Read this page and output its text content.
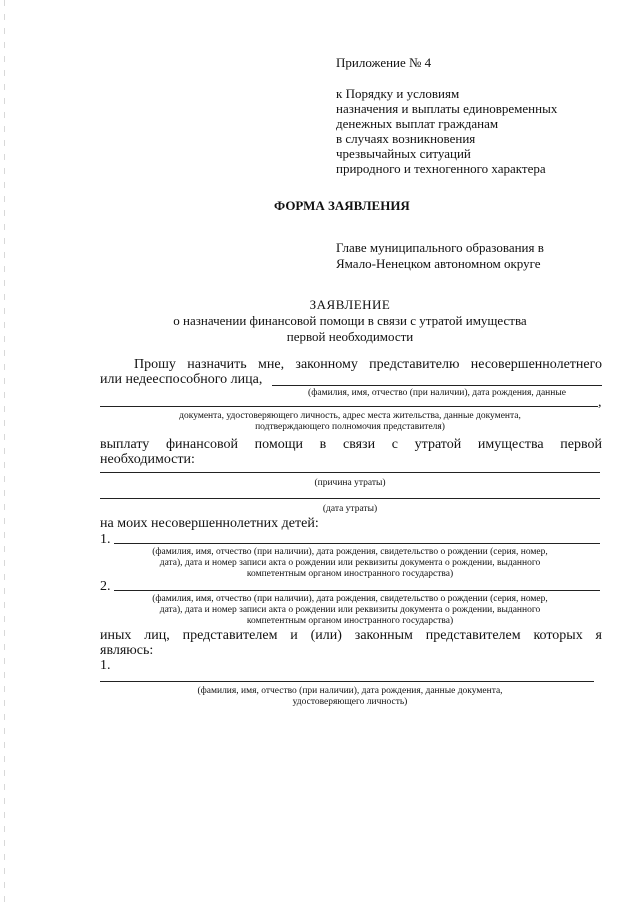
Приложение № 4
к Порядку и условиям
назначения и выплаты единовременных
денежных выплат гражданам
в случаях возникновения
чрезвычайных ситуаций
природного и техногенного характера
ФОРМА ЗАЯВЛЕНИЯ
Главе муниципального образования в
Ямало-Ненецком автономном округе
ЗАЯВЛЕНИЕ
о назначении финансовой помощи в связи с утратой имущества
первой необходимости
Прошу назначить мне, законному представителю несовершеннолетнего
или недееспособного лица,
(фамилия, имя, отчество (при наличии), дата рождения, данные
,
документа, удостоверяющего личность, адрес места жительства, данные документа,
подтверждающего полномочия представителя)
выплату финансовой помощи в связи с утратой имущества первой
необходимости:
(причина утраты)
(дата утраты)
на моих несовершеннолетних детей:
1.
(фамилия, имя, отчество (при наличии), дата рождения, свидетельство о рождении (серия, номер,
дата), дата и номер записи акта о рождении или реквизиты документа о рождении, выданного
компетентным органом иностранного государства)
2.
(фамилия, имя, отчество (при наличии), дата рождения, свидетельство о рождении (серия, номер,
дата), дата и номер записи акта о рождении или реквизиты документа о рождении, выданного
компетентным органом иностранного государства)
иных лиц, представителем и (или) законным представителем которых я
являюсь:
1.
(фамилия, имя, отчество (при наличии), дата рождения, данные документа,
удостоверяющего личность)
